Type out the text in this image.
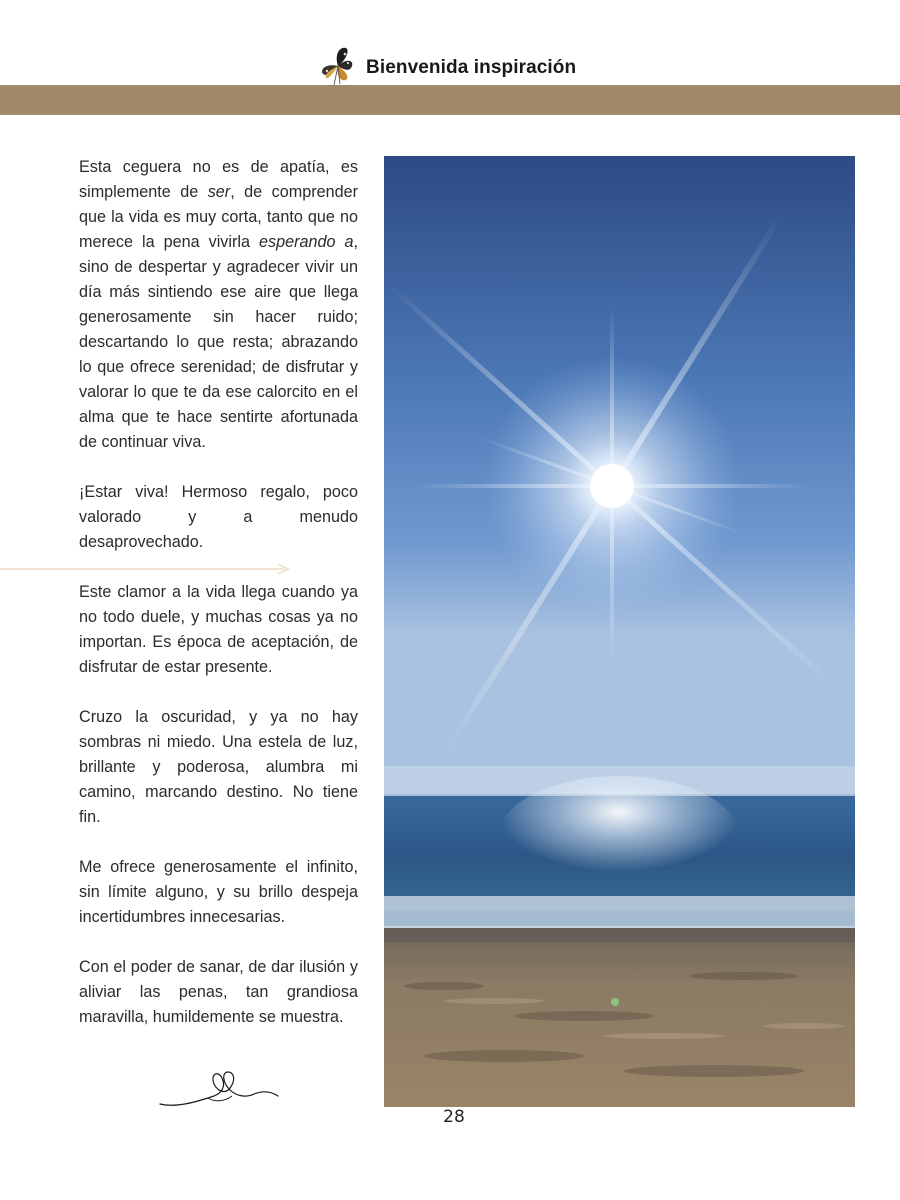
Bienvenida inspiración

Esta ceguera no es de apatía, es simplemente de ser, de comprender que la vida es muy corta, tanto que no merece la pena vivirla esperando a, sino de despertar y agradecer vivir un día más sintiendo ese aire que llega generosamente sin hacer ruido; descartando lo que resta; abrazando lo que ofrece serenidad; de disfrutar y valorar lo que te da ese calorcito en el alma que te hace sentirte afortunada de continuar viva.

¡Estar viva! Hermoso regalo, poco valorado y a menudo desaprovechado.

Este clamor a la vida llega cuando ya no todo duele, y muchas cosas ya no importan. Es época de aceptación, de disfrutar de estar presente.

Cruzo la oscuridad, y ya no hay sombras ni miedo. Una estela de luz, brillante y poderosa, alumbra mi camino, marcando destino. No tiene fin.

Me ofrece generosamente el infinito, sin límite alguno, y su brillo despeja incertidumbres innecesarias.

Con el poder de sanar, de dar ilusión y aliviar las penas, tan grandiosa maravilla, humildemente se muestra.

28
